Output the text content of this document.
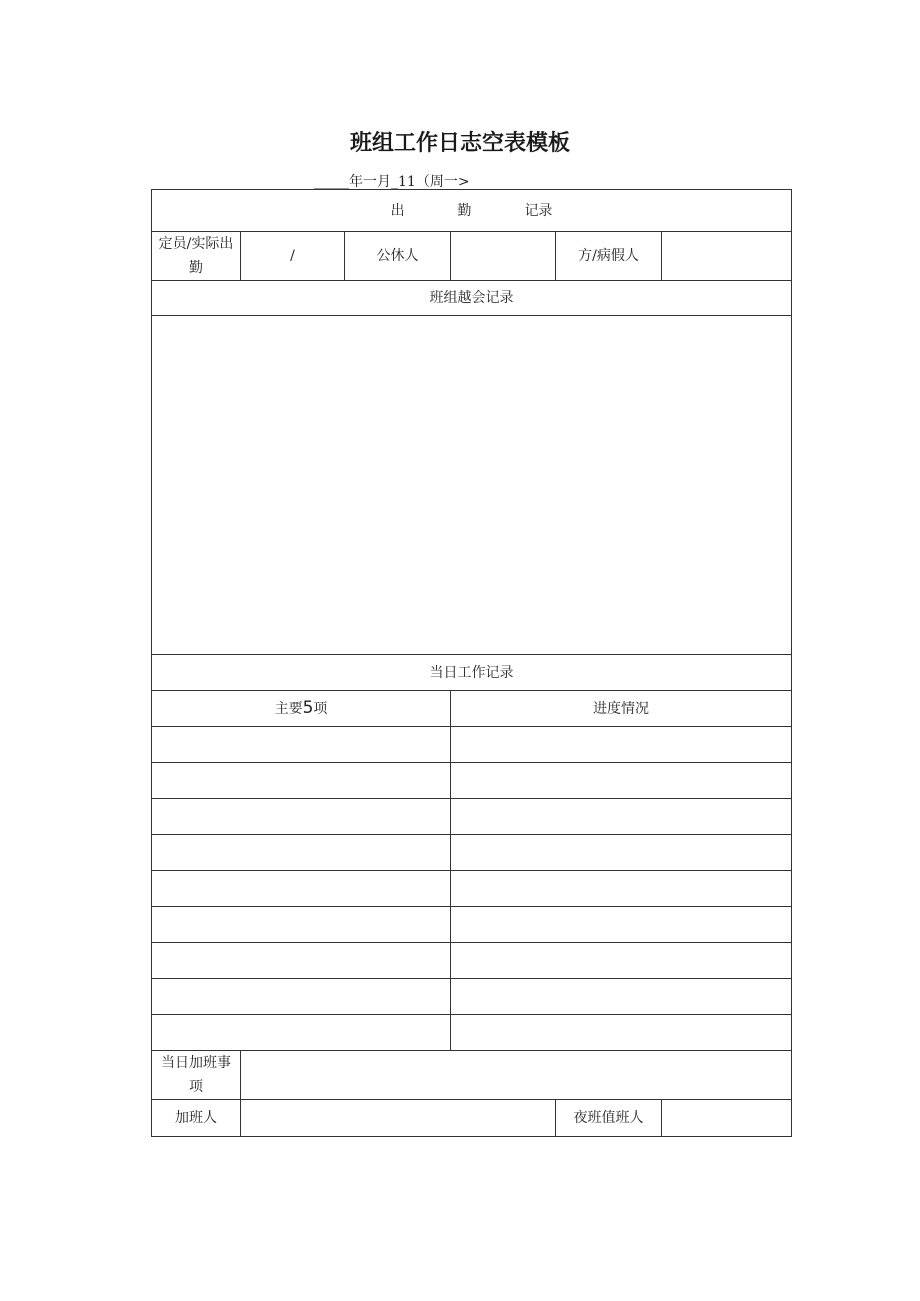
班组工作日志空表模板
_____年一月_11（周一>
出 勤 记录					
定员/实际出勤	/	公休人		方/病假人	
班组越会记录					

当日工作记录					
主要5项			进度情况		

当日加班事项					
加班人				夜班值班人	
